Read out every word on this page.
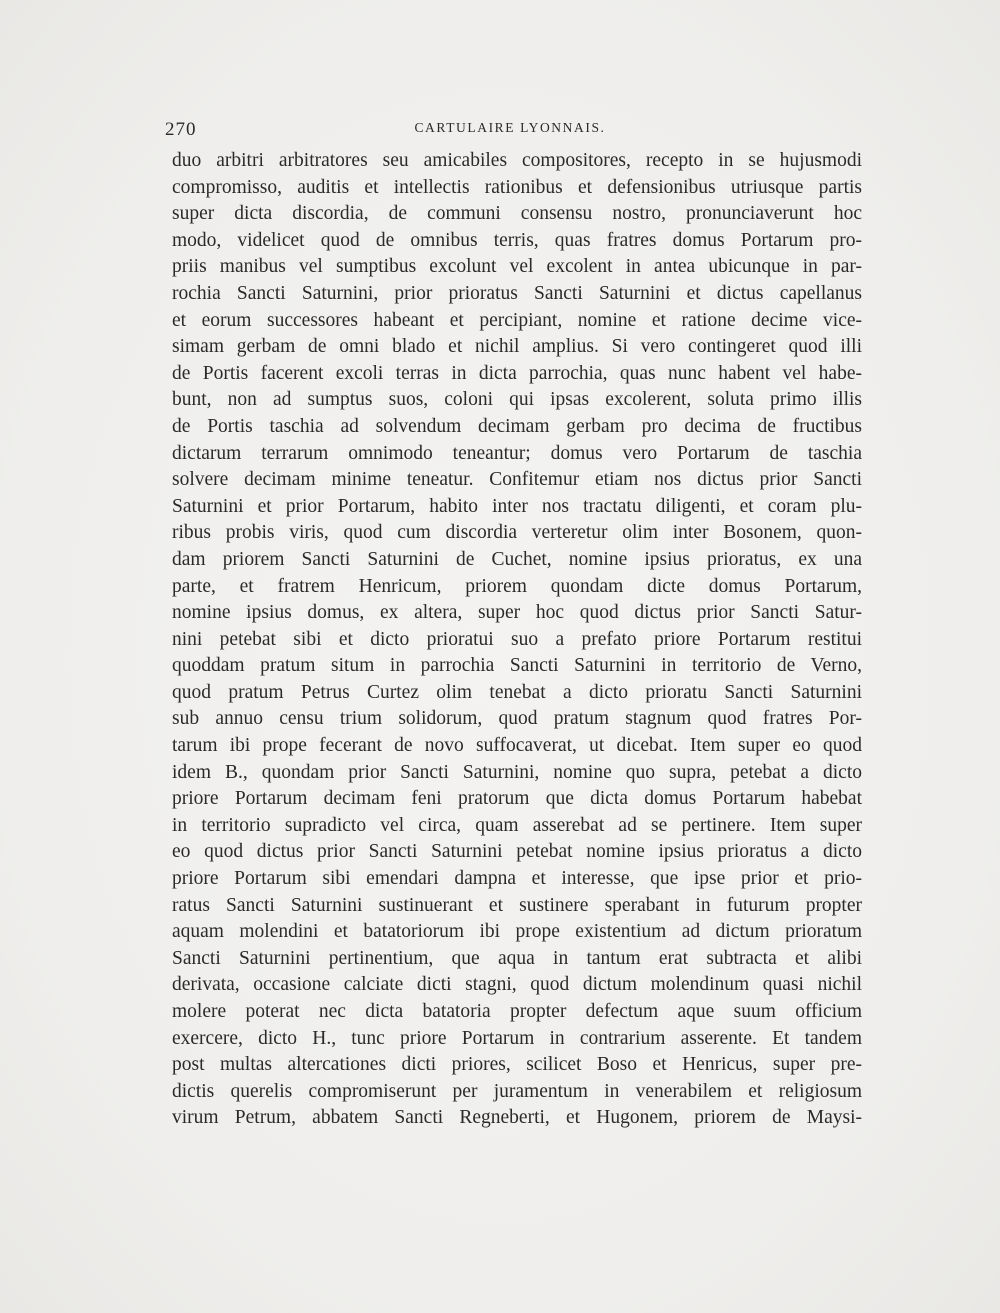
270	CARTULAIRE LYONNAIS.
duo arbitri arbitratores seu amicabiles compositores, recepto in se hujusmodi
compromisso, auditis et intellectis rationibus et defensionibus utriusque partis
super dicta discordia, de communi consensu nostro, pronunciaverunt hoc
modo, videlicet quod de omnibus terris, quas fratres domus Portarum pro-
priis manibus vel sumptibus excolunt vel excolent in antea ubicunque in par-
rochia Sancti Saturnini, prior prioratus Sancti Saturnini et dictus capellanus
et eorum successores habeant et percipiant, nomine et ratione decime vice-
simam gerbam de omni blado et nichil amplius. Si vero contingeret quod illi
de Portis facerent excoli terras in dicta parrochia, quas nunc habent vel habe-
bunt, non ad sumptus suos, coloni qui ipsas excolerent, soluta primo illis
de Portis taschia ad solvendum decimam gerbam pro decima de fructibus
dictarum terrarum omnimodo teneantur; domus vero Portarum de taschia
solvere decimam minime teneatur. Confitemur etiam nos dictus prior Sancti
Saturnini et prior Portarum, habito inter nos tractatu diligenti, et coram plu-
ribus probis viris, quod cum discordia verteretur olim inter Bosonem, quon-
dam priorem Sancti Saturnini de Cuchet, nomine ipsius prioratus, ex una
parte, et fratrem Henricum, priorem quondam dicte domus Portarum,
nomine ipsius domus, ex altera, super hoc quod dictus prior Sancti Satur-
nini petebat sibi et dicto prioratui suo a prefato priore Portarum restitui
quoddam pratum situm in parrochia Sancti Saturnini in territorio de Verno,
quod pratum Petrus Curtez olim tenebat a dicto prioratu Sancti Saturnini
sub annuo censu trium solidorum, quod pratum stagnum quod fratres Por-
tarum ibi prope fecerant de novo suffocaverat, ut dicebat. Item super eo quod
idem B., quondam prior Sancti Saturnini, nomine quo supra, petebat a dicto
priore Portarum decimam feni pratorum que dicta domus Portarum habebat
in territorio supradicto vel circa, quam asserebat ad se pertinere. Item super
eo quod dictus prior Sancti Saturnini petebat nomine ipsius prioratus a dicto
priore Portarum sibi emendari dampna et interesse, que ipse prior et prio-
ratus Sancti Saturnini sustinuerant et sustinere sperabant in futurum propter
aquam molendini et batatoriorum ibi prope existentium ad dictum prioratum
Sancti Saturnini pertinentium, que aqua in tantum erat subtracta et alibi
derivata, occasione calciate dicti stagni, quod dictum molendinum quasi nichil
molere poterat nec dicta batatoria propter defectum aque suum officium
exercere, dicto H., tunc priore Portarum in contrarium asserente. Et tandem
post multas altercationes dicti priores, scilicet Boso et Henricus, super pre-
dictis querelis compromiserunt per juramentum in venerabilem et religiosum
virum Petrum, abbatem Sancti Regneberti, et Hugonem, priorem de Maysi-
